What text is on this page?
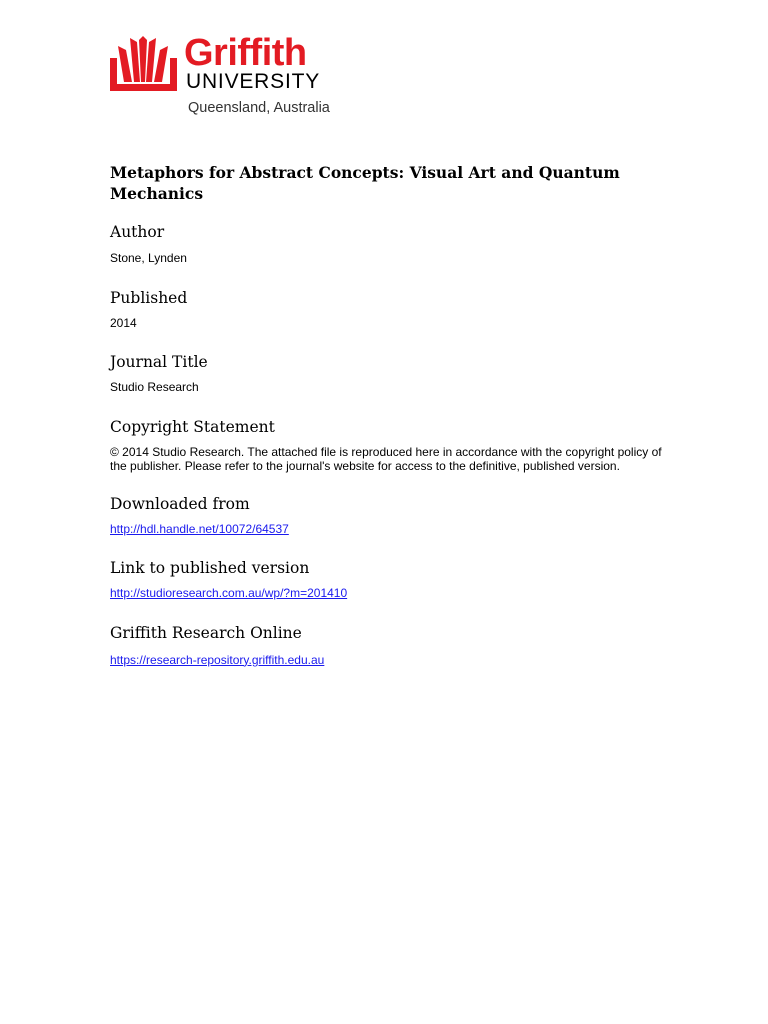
Griffith
UNIVERSITY
Queensland, Australia
Metaphors for Abstract Concepts: Visual Art and Quantum Mechanics
Author

Stone, Lynden

Published

2014

Journal Title

Studio Research

Copyright Statement

© 2014 Studio Research. The attached file is reproduced here in accordance with the copyright policy of the publisher. Please refer to the journal's website for access to the definitive, published version.

Downloaded from

http://hdl.handle.net/10072/64537

Link to published version

http://studioresearch.com.au/wp/?m=201410

Griffith Research Online

https://research-repository.griffith.edu.au
